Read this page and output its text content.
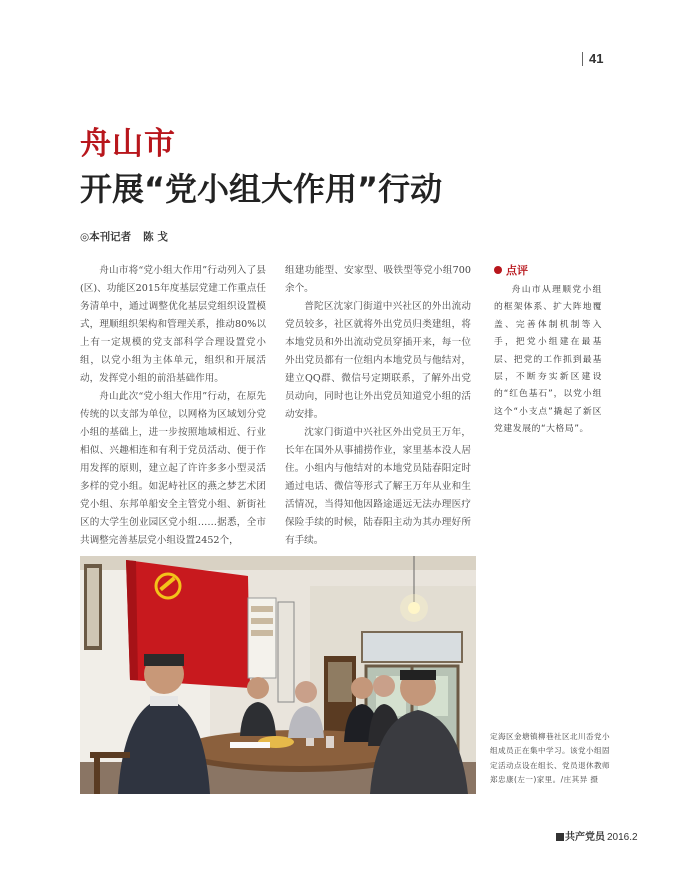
41
舟山市
开展“党小组大作用”行动
◎本刊记者 陈 戈

舟山市将“党小组大作用”行动列入了县(区)、功能区2015年度基层党建工作重点任务清单中，通过调整优化基层党组织设置模式，理顺组织架构和管理关系，推动80%以上有一定规模的党支部科学合理设置党小组，以党小组为主体单元，组织和开展活动，发挥党小组的前沿基础作用。

舟山此次“党小组大作用”行动，在原先传统的以支部为单位，以网格为区域划分党小组的基础上，进一步按照地域相近、行业相似、兴趣相连和有利于党员活动、便于作用发挥的原则，建立起了许许多多小型灵活多样的党小组。如泥峙社区的燕之梦艺术团党小组、东邦单船安全主管党小组、新街社区的大学生创业园区党小组……据悉，全市共调整完善基层党小组设置2452个，

组建功能型、安家型、吸铁型等党小组700余个。

普陀区沈家门街道中兴社区的外出流动党员较多，社区就将外出党员归类建组，将本地党员和外出流动党员穿插开来，每一位外出党员都有一位组内本地党员与他结对，建立QQ群、微信号定期联系，了解外出党员动向，同时也让外出党员知道党小组的活动安排。

沈家门街道中兴社区外出党员王万年，长年在国外从事捕捞作业，家里基本没人居住。小组内与他结对的本地党员陆春阳定时通过电话、微信等形式了解王万年从业和生活情况，当得知他因路途遥远无法办理医疗保险手续的时候，陆春阳主动为其办理好所有手续。

点评
舟山市从理顺党小组的框架体系、扩大阵地覆盖、完善体制机制等入手，把党小组建在最基层、把党的工作抓到最基层，不断夯实新区建设的“红色基石”，以党小组这个“小支点”撬起了新区党建发展的“大格局”。
定海区金塘镇柳巷社区北川岙党小组成员正在集中学习。该党小组固定活动点设在组长、党员退休教师郑忠康(左一)家里。/庄其异 摄
共产党员 2016.2
